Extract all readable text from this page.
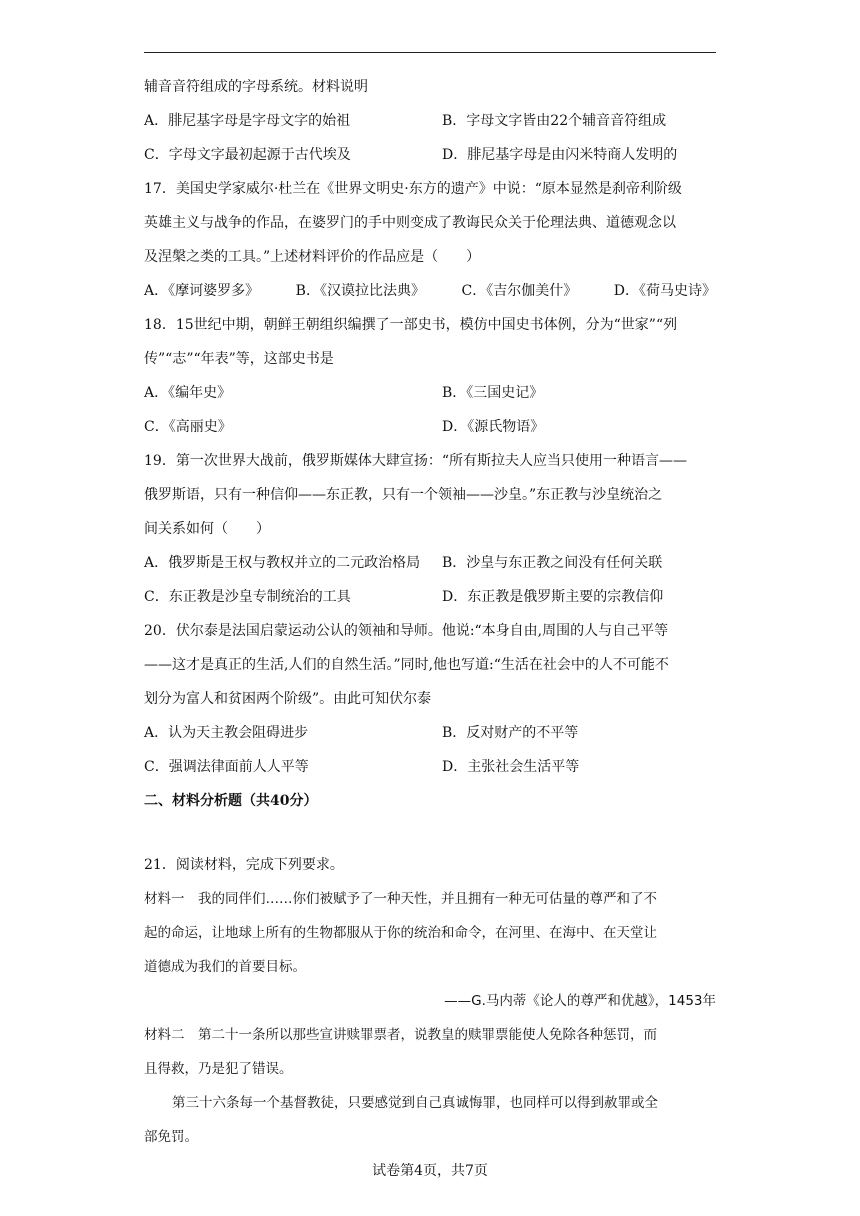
辅音音符组成的字母系统。材料说明
A．腓尼基字母是字母文字的始祖	B．字母文字皆由22个辅音音符组成
C．字母文字最初起源于古代埃及	D．腓尼基字母是由闪米特商人发明的
17．美国史学家威尔·杜兰在《世界文明史·东方的遗产》中说：“原本显然是刹帝利阶级
英雄主义与战争的作品，在婆罗门的手中则变成了教诲民众关于伦理法典、道德观念以
及涅槃之类的工具。”上述材料评价的作品应是（　　）
A．《摩诃婆罗多》	B．《汉谟拉比法典》	C．《吉尔伽美什》	D．《荷马史诗》
18．15世纪中期，朝鲜王朝组织编撰了一部史书，模仿中国史书体例，分为“世家”“列
传”“志”“年表”等，这部史书是
A．《编年史》	B．《三国史记》
C．《高丽史》	D．《源氏物语》
19．第一次世界大战前，俄罗斯媒体大肆宣扬：“所有斯拉夫人应当只使用一种语言——
俄罗斯语，只有一种信仰——东正教，只有一个领袖——沙皇。”东正教与沙皇统治之
间关系如何（　　）
A．俄罗斯是王权与教权并立的二元政治格局	B．沙皇与东正教之间没有任何关联
C．东正教是沙皇专制统治的工具	D．东正教是俄罗斯主要的宗教信仰
20．伏尔泰是法国启蒙运动公认的领袖和导师。他说:“本身自由,周围的人与自己平等
——这才是真正的生活,人们的自然生活。”同时,他也写道:“生活在社会中的人不可能不
划分为富人和贫困两个阶级”。由此可知伏尔泰
A．认为天主教会阻碍进步	B．反对财产的不平等
C．强调法律面前人人平等	D．主张社会生活平等
二、材料分析题（共40分）
21．阅读材料，完成下列要求。
材料一　我的同伴们……你们被赋予了一种天性，并且拥有一种无可估量的尊严和了不
起的命运，让地球上所有的生物都服从于你的统治和命令，在河里、在海中、在天堂让
道德成为我们的首要目标。
——G.马内蒂《论人的尊严和优越》，1453年
材料二　第二十一条所以那些宣讲赎罪票者，说教皇的赎罪票能使人免除各种惩罚，而
且得救，乃是犯了错误。
第三十六条每一个基督教徒，只要感觉到自己真诚悔罪，也同样可以得到赦罪或全
部免罚。
试卷第4页，共7页
